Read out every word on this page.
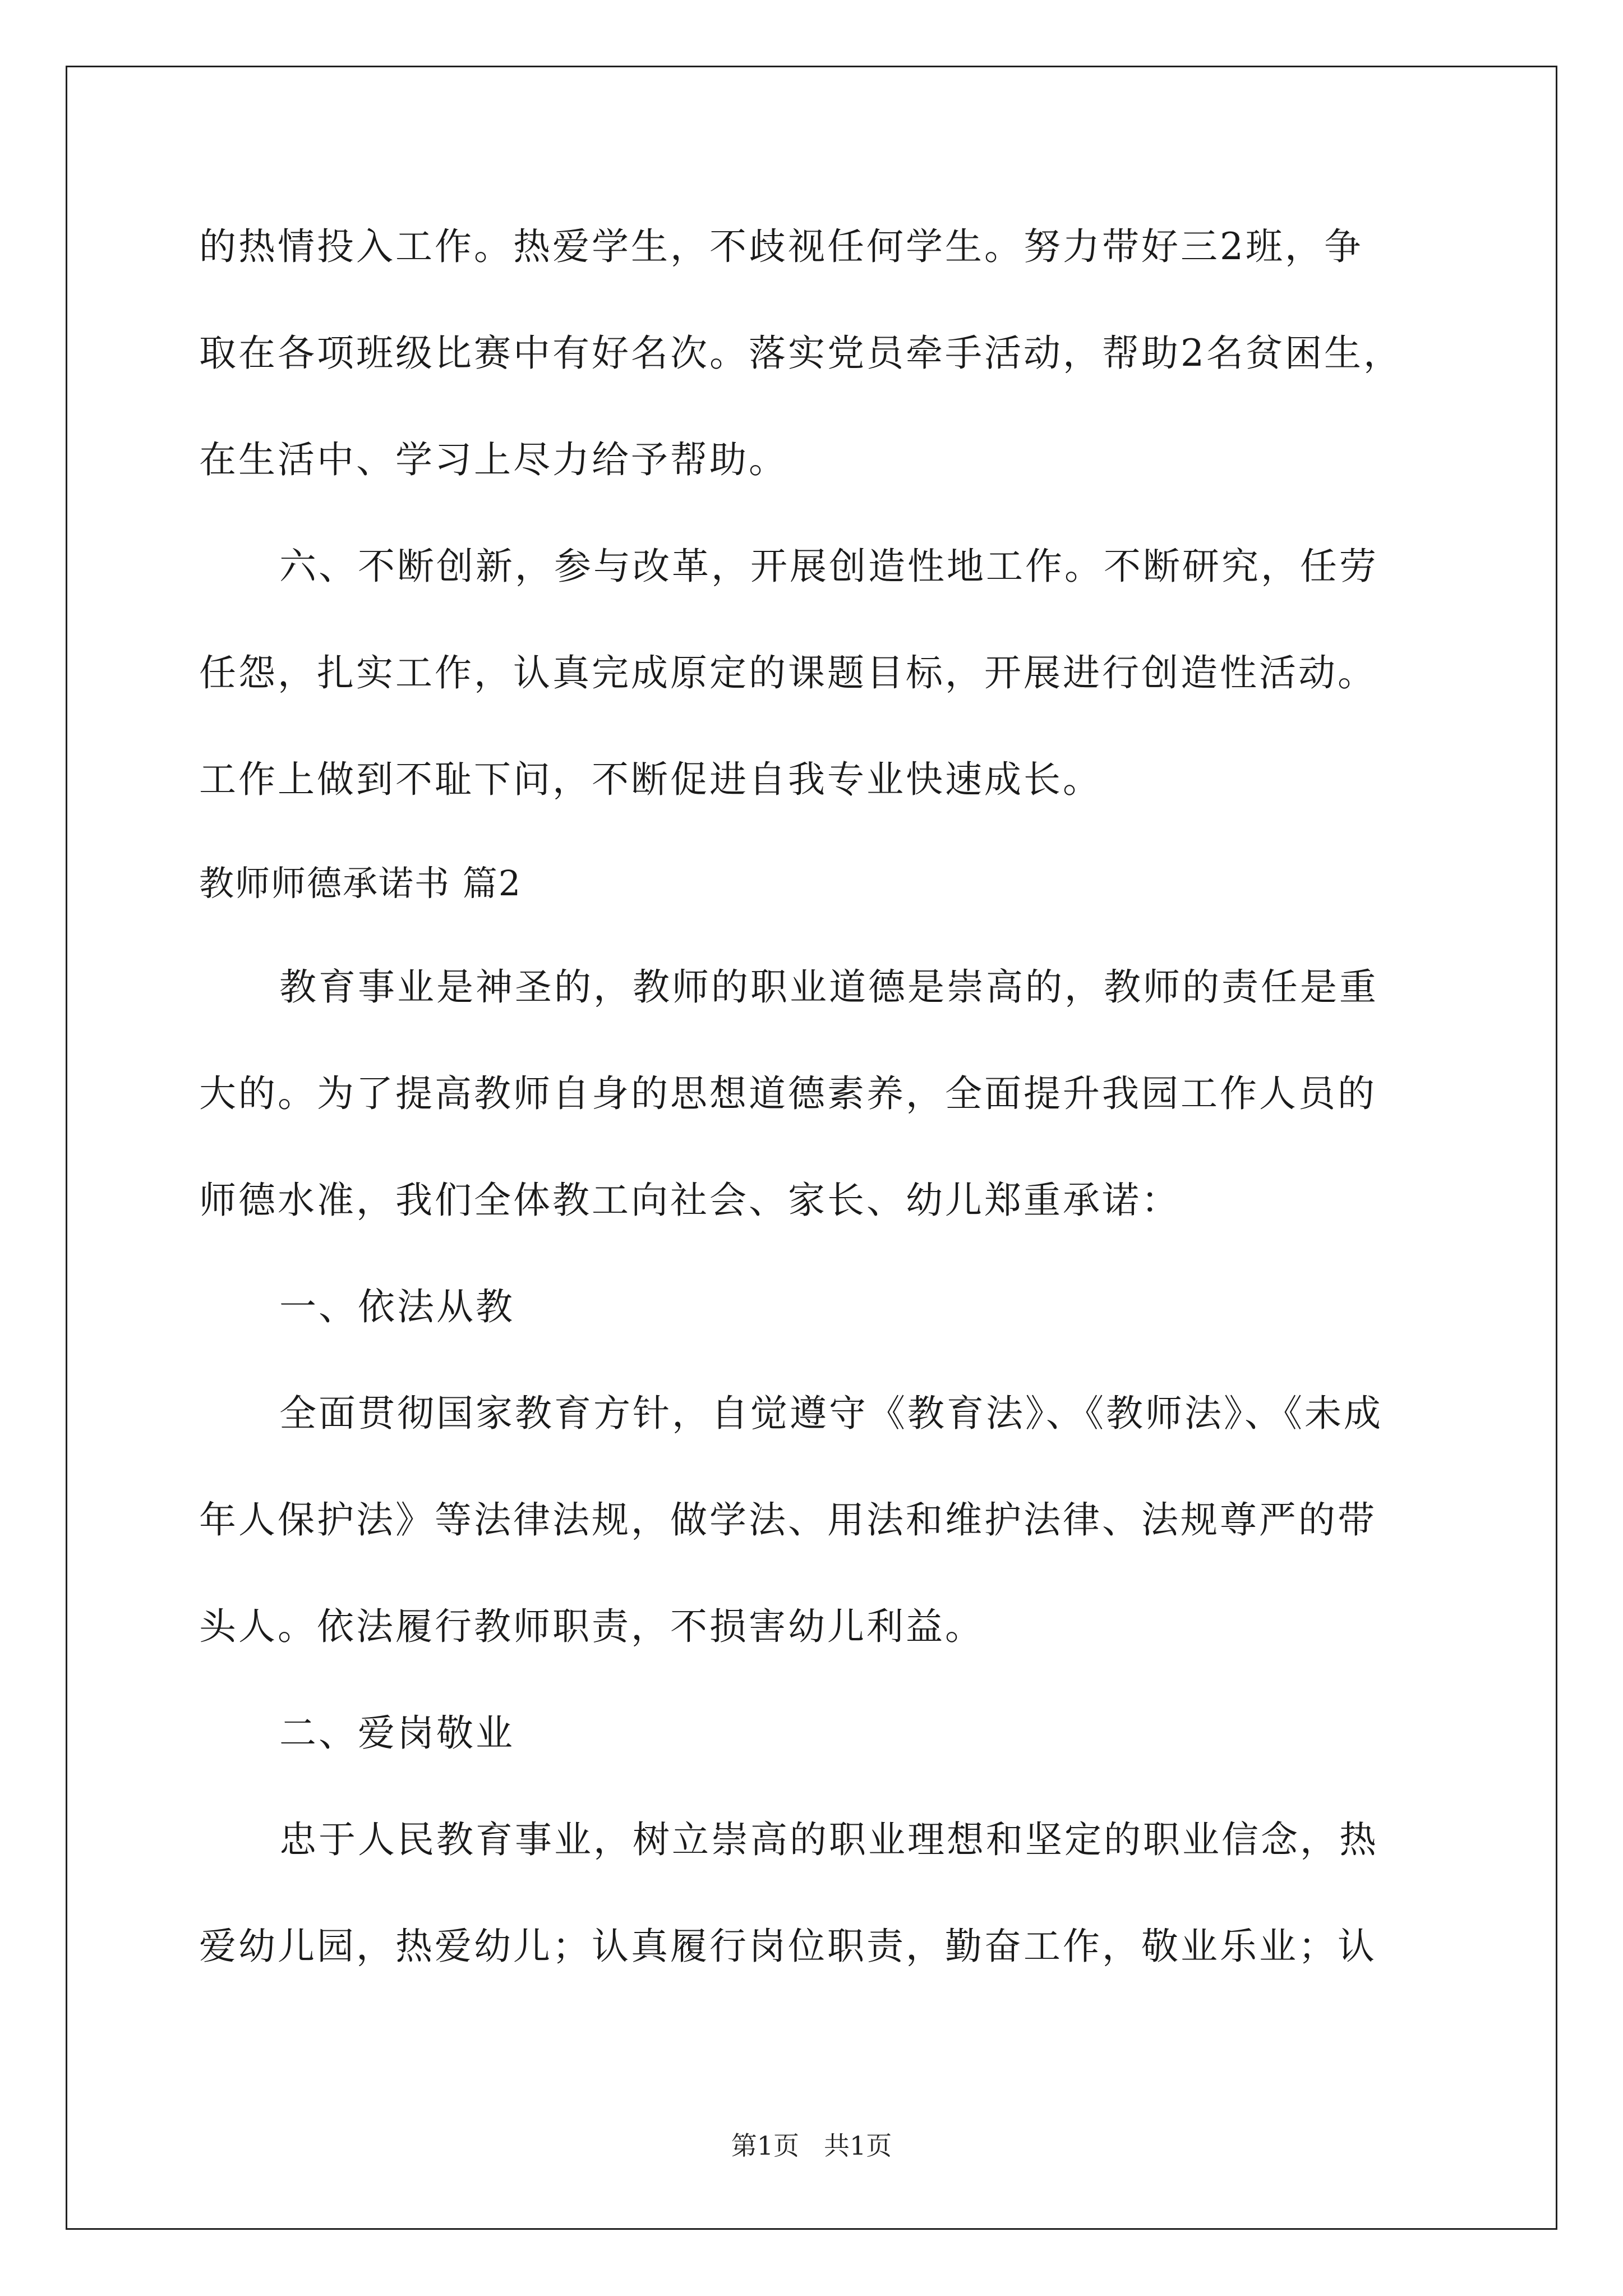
的热情投入工作。热爱学生，不歧视任何学生。努力带好三2班，争
取在各项班级比赛中有好名次。落实党员牵手活动，帮助2名贫困生，
在生活中、学习上尽力给予帮助。
六、不断创新，参与改革，开展创造性地工作。不断研究，任劳
任怨，扎实工作，认真完成原定的课题目标，开展进行创造性活动。
工作上做到不耻下问，不断促进自我专业快速成长。
教师师德承诺书 篇2
教育事业是神圣的，教师的职业道德是崇高的，教师的责任是重
大的。为了提高教师自身的思想道德素养，全面提升我园工作人员的
师德水准，我们全体教工向社会、家长、幼儿郑重承诺：
一、依法从教
全面贯彻国家教育方针，自觉遵守《教育法》、《教师法》、《未成
年人保护法》等法律法规，做学法、用法和维护法律、法规尊严的带
头人。依法履行教师职责，不损害幼儿利益。
二、爱岗敬业
忠于人民教育事业，树立崇高的职业理想和坚定的职业信念，热
爱幼儿园，热爱幼儿；认真履行岗位职责，勤奋工作，敬业乐业；认
第1页 共1页
